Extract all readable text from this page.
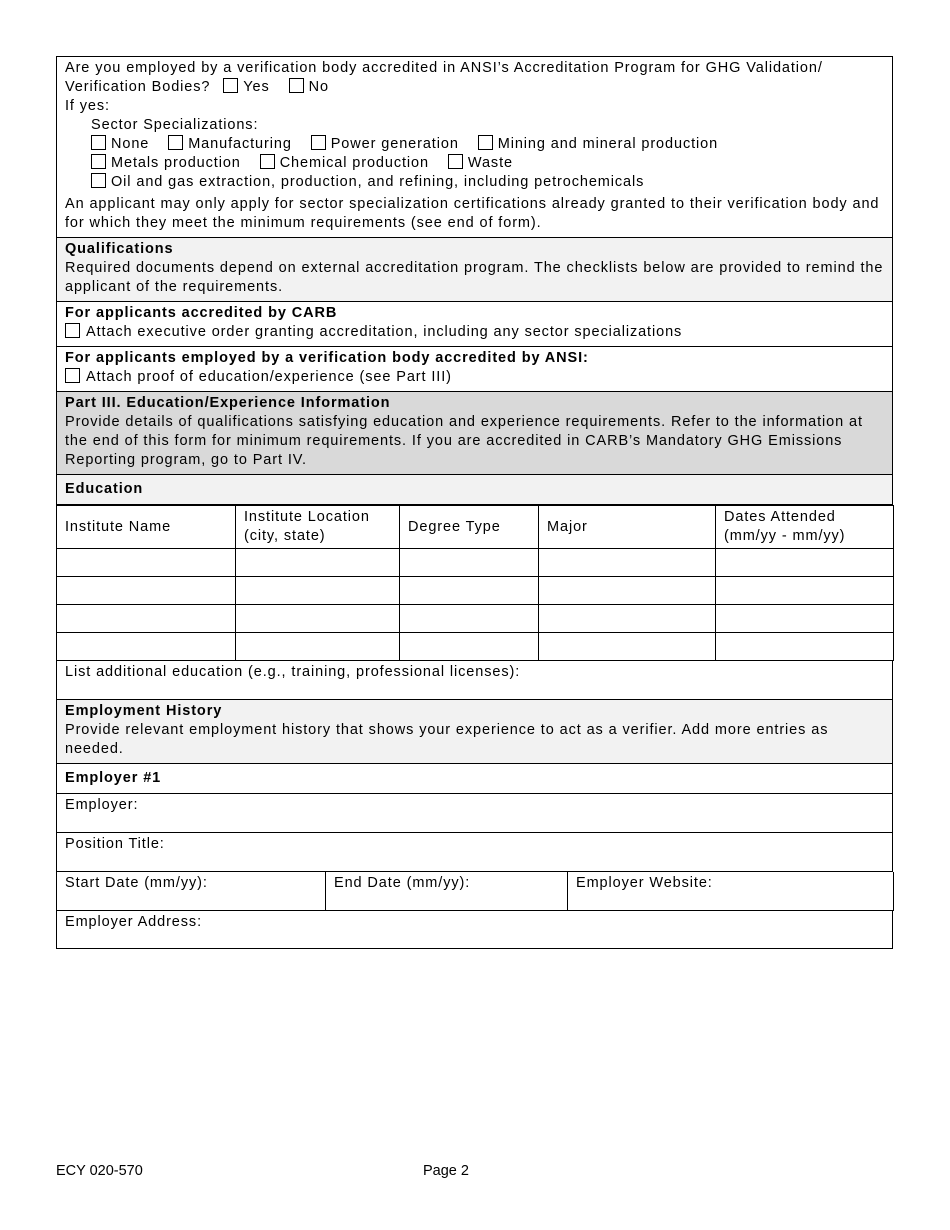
Are you employed by a verification body accredited in ANSI’s Accreditation Program for GHG Validation/
Verification Bodies? Yes	No
If yes:
Sector Specializations:
None	Manufacturing	Power generation	Mining and mineral production
Metals production	Chemical production	Waste
Oil and gas extraction, production, and refining, including petrochemicals
An applicant may only apply for sector specialization certifications already granted to their verification body and for which they meet the minimum requirements (see end of form).
Qualifications
Required documents depend on external accreditation program. The checklists below are provided to remind the applicant of the requirements.
For applicants accredited by CARB
Attach executive order granting accreditation, including any sector specializations
For applicants employed by a verification body accredited by ANSI:
Attach proof of education/experience (see Part III)
Part III. Education/Experience Information
Provide details of qualifications satisfying education and experience requirements. Refer to the information at the end of this form for minimum requirements. If you are accredited in CARB’s Mandatory GHG Emissions Reporting program, go to Part IV.
Education
Institute Name	Institute Location (city, state)	Degree Type	Major	Dates Attended (mm/yy - mm/yy)

List additional education (e.g., training, professional licenses):
Employment History
Provide relevant employment history that shows your experience to act as a verifier. Add more entries as needed.
Employer #1
Employer:
Position Title:
Start Date (mm/yy):	End Date (mm/yy):	Employer Website:
Employer Address:
ECY 020-570	Page 2
